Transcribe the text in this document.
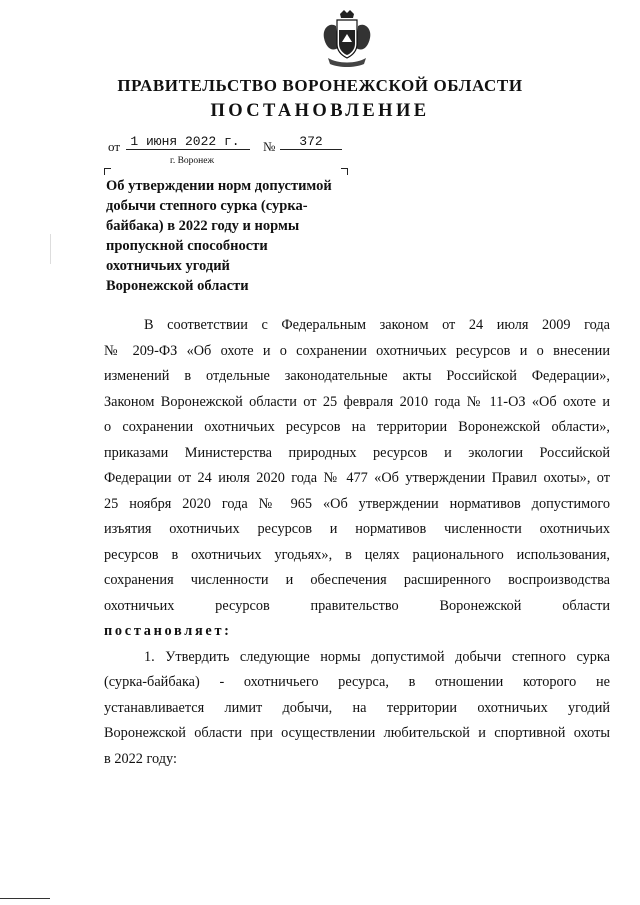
ПРАВИТЕЛЬСТВО ВОРОНЕЖСКОЙ ОБЛАСТИ
ПОСТАНОВЛЕНИЕ
от 1 июня 2022 г.	№	372
г. Воронеж
Об утверждении норм допустимой
добычи степного сурка (сурка-
байбака) в 2022 году и нормы
пропускной способности
охотничьих угодий
Воронежской области
В соответствии с Федеральным законом от 24 июля 2009 года
№ 209-ФЗ «Об охоте и о сохранении охотничьих ресурсов и о внесении
изменений в отдельные законодательные акты Российской Федерации»,
Законом Воронежской области от 25 февраля 2010 года № 11-ОЗ «Об охоте и
о сохранении охотничьих ресурсов на территории Воронежской области»,
приказами Министерства природных ресурсов и экологии Российской
Федерации от 24 июля 2020 года № 477 «Об утверждении Правил охоты», от
25 ноября 2020 года № 965 «Об утверждении нормативов допустимого
изъятия охотничьих ресурсов и нормативов численности охотничьих
ресурсов в охотничьих угодьях», в целях рационального использования,
сохранения численности и обеспечения расширенного воспроизводства
охотничьих ресурсов правительство Воронежской области
постановляет:
1. Утвердить следующие нормы допустимой добычи степного сурка
(сурка-байбака) - охотничьего ресурса, в отношении которого не
устанавливается лимит добычи, на территории охотничьих угодий
Воронежской области при осуществлении любительской и спортивной охоты
в 2022 году:
